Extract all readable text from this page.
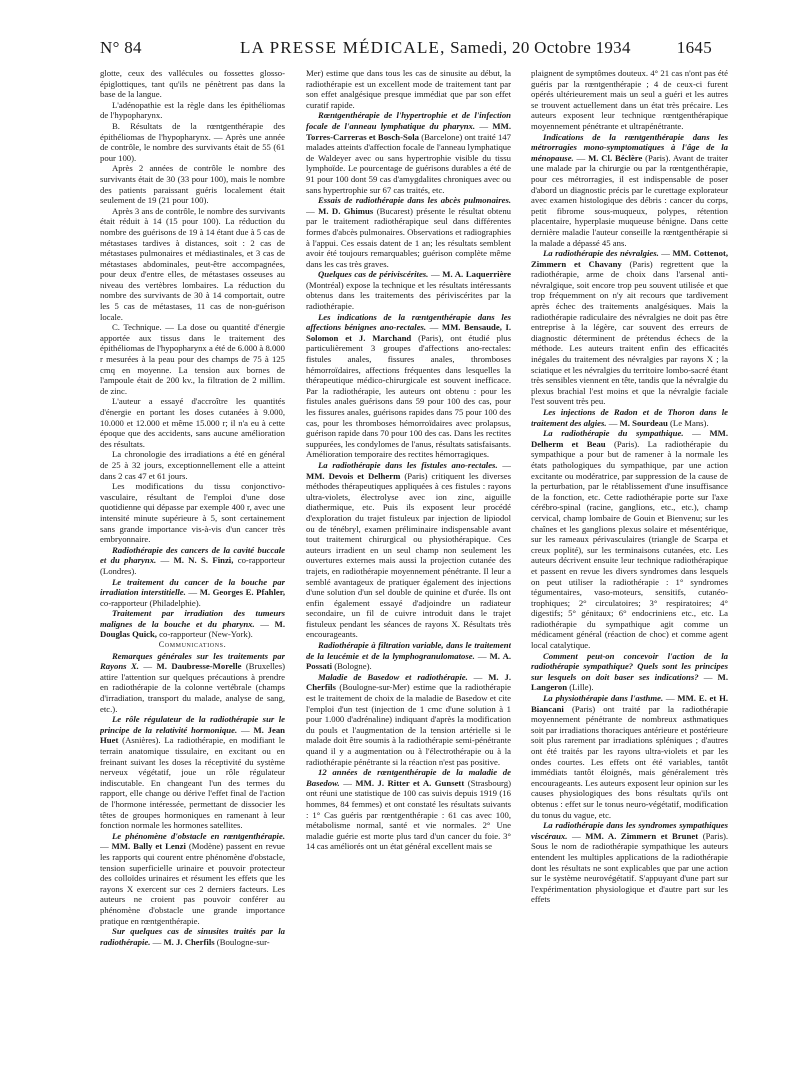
N° 84	LA PRESSE MÉDICALE, Samedi, 20 Octobre 1934	1645

glotte, ceux des vallécules ou fossettes glosso-épiglottiques, tant qu'ils ne pénètrent pas dans la base de la langue.

L'adénopathie est la règle dans les épithéliomas de l'hypopharynx.

B. Résultats de la rœntgenthérapie des épithéliomas de l'hypopharynx. — Après une année de contrôle, le nombre des survivants était de 55 (61 pour 100).

Après 2 années de contrôle le nombre des survivants était de 30 (33 pour 100), mais le nombre des patients paraissant guéris localement était seulement de 19 (21 pour 100).

Après 3 ans de contrôle, le nombre des survivants était réduit à 14 (15 pour 100). La réduction du nombre des guérisons de 19 à 14 étant due à 5 cas de métastases tardives à distances, soit : 2 cas de métastases pulmonaires et médiastinales, et 3 cas de métastases abdominales, peut-être accompagnées, pour deux d'entre elles, de métastases osseuses au niveau des vertèbres lombaires. La réduction du nombre des survivants de 30 à 14 comportait, outre les 5 cas de métastases, 11 cas de non-guérison locale.

C. Technique. — La dose ou quantité d'énergie apportée aux tissus dans le traitement des épithéliomas de l'hypopharynx a été de 6.000 à 8.000 r mesurées à la peau pour des champs de 75 à 125 cmq en moyenne. La tension aux bornes de l'ampoule était de 200 kv., la filtration de 2 millim. de zinc.

L'auteur a essayé d'accroître les quantités d'énergie en portant les doses cutanées à 9.000, 10.000 et 12.000 et même 15.000 r; il n'a eu à cette époque que des accidents, sans aucune amélioration des résultats.

La chronologie des irradiations a été en général de 25 à 32 jours, exceptionnellement elle a atteint dans 2 cas 47 et 61 jours.

Les modifications du tissu conjonctivo-vasculaire, résultant de l'emploi d'une dose quotidienne qui dépasse par exemple 400 r, avec une intensité minute supérieure à 5, sont certainement sans grande importance vis-à-vis d'un cancer très embryonnaire.

Radiothérapie des cancers de la cavité buccale et du pharynx. — M. N. S. Finzi, co-rapporteur (Londres).

Le traitement du cancer de la bouche par irradiation interstitielle. — M. Georges E. Pfahler, co-rapporteur (Philadelphie).

Traitement par irradiation des tumeurs malignes de la bouche et du pharynx. — M. Douglas Quick, co-rapporteur (New-York).

Communications.

Remarques générales sur les traitements par Rayons X. — M. Daubresse-Morelle (Bruxelles) attire l'attention sur quelques précautions à prendre en radiothérapie de la colonne vertébrale (champs d'irradiation, transport du malade, analyse de sang, etc.).

Le rôle régulateur de la radiothérapie sur le principe de la relativité hormonique. — M. Jean Huet (Asnières). La radiothérapie, en modifiant le terrain anatomique tissulaire, en excitant ou en freinant suivant les doses la réceptivité du système nerveux végétatif, joue un rôle régulateur indiscutable. En changeant l'un des termes du rapport, elle change ou dérive l'effet final de l'action de l'hormone intéressée, permettant de dissocier les têtes de groupes hormoniques en ramenant à leur fonction normale les hormones satellites.

Le phénomène d'obstacle en rœntgenthérapie. — MM. Bally et Lenzi (Modène) passent en revue les rapports qui courent entre phénomène d'obstacle, tension superficielle urinaire et pouvoir protecteur des colloïdes urinaires et résument les effets que les rayons X exercent sur ces 2 derniers facteurs. Les auteurs ne croient pas pouvoir conférer au phénomène d'obstacle une grande importance pratique en rœntgenthérapie.

Sur quelques cas de sinusites traités par la radiothérapie. — M. J. Cherfils (Boulogne-sur-

Mer) estime que dans tous les cas de sinusite au début, la radiothérapie est un excellent mode de traitement tant par son effet analgésique presque immédiat que par son effet curatif rapide.

Rœntgenthérapie de l'hypertrophie et de l'infection focale de l'anneau lymphatique du pharynx. — MM. Torres-Carreras et Bosch-Sola (Barcelone) ont traité 147 malades atteints d'affection focale de l'anneau lymphatique de Waldeyer avec ou sans hypertrophie visible du tissu lymphoïde. Le pourcentage de guérisons durables a été de 91 pour 100 dont 59 cas d'amygdalites chroniques avec ou sans hypertrophie sur 67 cas traités, etc.

Essais de radiothérapie dans les abcès pulmonaires. — M. D. Ghimus (Bucarest) présente le résultat obtenu par le traitement radiothérapique seul dans différentes formes d'abcès pulmonaires. Observations et radiographies à l'appui. Ces essais datent de 1 an; les résultats semblent avoir été toujours remarquables; guérison complète même dans les cas très graves.

Quelques cas de périviscérites. — M. A. Laquerrière (Montréal) expose la technique et les résultats intéressants obtenus dans les traitements des périviscérites par la radiothérapie.

Les indications de la rœntgenthérapie dans les affections bénignes ano-rectales. — MM. Bensaude, I. Solomon et J. Marchand (Paris), ont étudié plus particulièrement 3 groupes d'affections ano-rectales: fistules anales, fissures anales, thromboses hémorroïdaires, affections fréquentes dans lesquelles la thérapeutique médico-chirurgicale est souvent inefficace. Par la radiothérapie, les auteurs ont obtenu : pour les fistules anales guérisons dans 59 pour 100 des cas, pour les fissures anales, guérisons rapides dans 75 pour 100 des cas, pour les thromboses hémorroïdaires avec prolapsus, guérison rapide dans 70 pour 100 des cas. Dans les rectites suppurées, les condylomes de l'anus, résultats satisfaisants. Amélioration temporaire des rectites hémorragiques.

La radiothérapie dans les fistules ano-rectales. — MM. Devois et Delherm (Paris) critiquent les diverses méthodes thérapeutiques appliquées à ces fistules : rayons ultra-violets, électrolyse avec ion zinc, aiguille diathermique, etc. Puis ils exposent leur procédé d'exploration du trajet fistuleux par injection de lipiodol ou de ténébryl, examen préliminaire indispensable avant tout traitement chirurgical ou physiothérapique. Ces auteurs irradient en un seul champ non seulement les ouvertures externes mais aussi la projection cutanée des trajets, en radiothérapie moyennement pénétrante. Il leur a semblé avantageux de pratiquer également des injections d'une solution d'un sel double de quinine et d'urée. Ils ont enfin également essayé d'adjoindre un radiateur secondaire, un fil de cuivre introduit dans le trajet fistuleux pendant les séances de rayons X. Résultats très encourageants.

Radiothérapie à filtration variable, dans le traitement de la leucémie et de la lymphogranulomatose. — M. A. Possati (Bologne).

Maladie de Basedow et radiothérapie. — M. J. Cherfils (Boulogne-sur-Mer) estime que la radiothérapie est le traitement de choix de la maladie de Basedow et cite l'emploi d'un test (injection de 1 cmc d'une solution à 1 pour 1.000 d'adrénaline) indiquant d'après la modification du pouls et l'augmentation de la tension artérielle si le malade doit être soumis à la radiothérapie semi-pénétrante quand il y a augmentation ou à l'électrothérapie ou à la radiothérapie pénétrante si la réaction n'est pas positive.

12 années de rœntgenthérapie de la maladie de Basedow. — MM. J. Ritter et A. Gunsett (Strasbourg) ont réuni une statistique de 100 cas suivis depuis 1919 (16 hommes, 84 femmes) et ont constaté les résultats suivants : 1° Cas guéris par rœntgenthérapie : 61 cas avec 100, métabolisme normal, santé et vie normales. 2° Une maladie guérie est morte plus tard d'un cancer du foie. 3° 14 cas améliorés ont un état général excellent mais se

plaignent de symptômes douteux. 4° 21 cas n'ont pas été guéris par la rœntgenthérapie ; 4 de ceux-ci furent opérés ultérieurement mais un seul a guéri et les autres se trouvent actuellement dans un état très précaire. Les auteurs exposent leur technique rœntgenthérapique moyennement pénétrante et ultrapénétrante.

Indications de la rœntgenthérapie dans les métrorragies mono-symptomatiques à l'âge de la ménopause. — M. Cl. Béclère (Paris). Avant de traiter une malade par la chirurgie ou par la rœntgenthérapie, pour ces métrorragies, il est indispensable de poser d'abord un diagnostic précis par le curettage explorateur avec examen histologique des débris : cancer du corps, petit fibrome sous-muqueux, polypes, rétention placentaire, hyperplasie muqueuse bénigne. Dans cette dernière maladie l'auteur conseille la rœntgenthérapie si la malade a dépassé 45 ans.

La radiothérapie des névralgies. — MM. Cottenot, Zimmern et Chavany (Paris) regrettent que la radiothérapie, arme de choix dans l'arsenal anti-névralgique, soit encore trop peu souvent utilisée et que trop fréquemment on n'y ait recours que tardivement après échec des traitements analgésiques. Mais la radiothérapie radiculaire des névralgies ne doit pas être entreprise à la légère, car souvent des erreurs de diagnostic déterminent de prétendus échecs de la méthode. Les auteurs traitent enfin des efficacités inégales du traitement des névralgies par rayons X ; la sciatique et les névralgies du territoire lombo-sacré étant très sensibles viennent en tête, tandis que la névralgie du plexus brachial l'est moins et que la névralgie faciale l'est souvent très peu.

Les injections de Radon et de Thoron dans le traitement des algies. — M. Sourdeau (Le Mans).

La radiothérapie du sympathique. — MM. Delherm et Beau (Paris). La radiothérapie du sympathique a pour but de ramener à la normale les états pathologiques du sympathique, par une action excitante ou modératrice, par suppression de la cause de la perturbation, par le rétablissement d'une insuffisance de la fonction, etc. Cette radiothérapie porte sur l'axe cérébro-spinal (racine, ganglions, etc., etc.), champ cervical, champ lombaire de Gouin et Bienvenu; sur les chaînes et les ganglions plexus solaire et mésentérique, sur les rameaux périvasculaires (triangle de Scarpa et creux poplité), sur les terminaisons cutanées, etc. Les auteurs décrivent ensuite leur technique radiothérapique et passent en revue les divers syndromes dans lesquels on peut utiliser la radiothérapie : 1° syndromes tégumentaires, vaso-moteurs, sensitifs, cutanéo-trophiques; 2° circulatoires; 3° respiratoires; 4° digestifs; 5° génitaux; 6° endocriniens etc., etc. La radiothérapie du sympathique agit comme un médicament général (réaction de choc) et comme agent local catalytique.

Comment peut-on concevoir l'action de la radiothérapie sympathique? Quels sont les principes sur lesquels on doit baser ses indications? — M. Langeron (Lille).

La physiothérapie dans l'asthme. — MM. E. et H. Biancani (Paris) ont traité par la radiothérapie moyennement pénétrante de nombreux asthmatiques soit par irradiations thoraciques antérieure et postérieure soit plus rarement par irradiations spléniques ; d'autres ont été traités par les rayons ultra-violets et par les ondes courtes. Les effets ont été variables, tantôt immédiats tantôt éloignés, mais généralement très encourageants. Les auteurs exposent leur opinion sur les causes physiologiques des bons résultats qu'ils ont obtenus : effet sur le tonus neuro-végétatif, modification du tonus du vague, etc.

La radiothérapie dans les syndromes sympathiques viscéraux. — MM. A. Zimmern et Brunet (Paris). Sous le nom de radiothérapie sympathique les auteurs entendent les multiples applications de la radiothérapie dont les résultats ne sont explicables que par une action sur le système neurovégétatif. S'appuyant d'une part sur l'expérimentation physiologique et d'autre part sur les effets
